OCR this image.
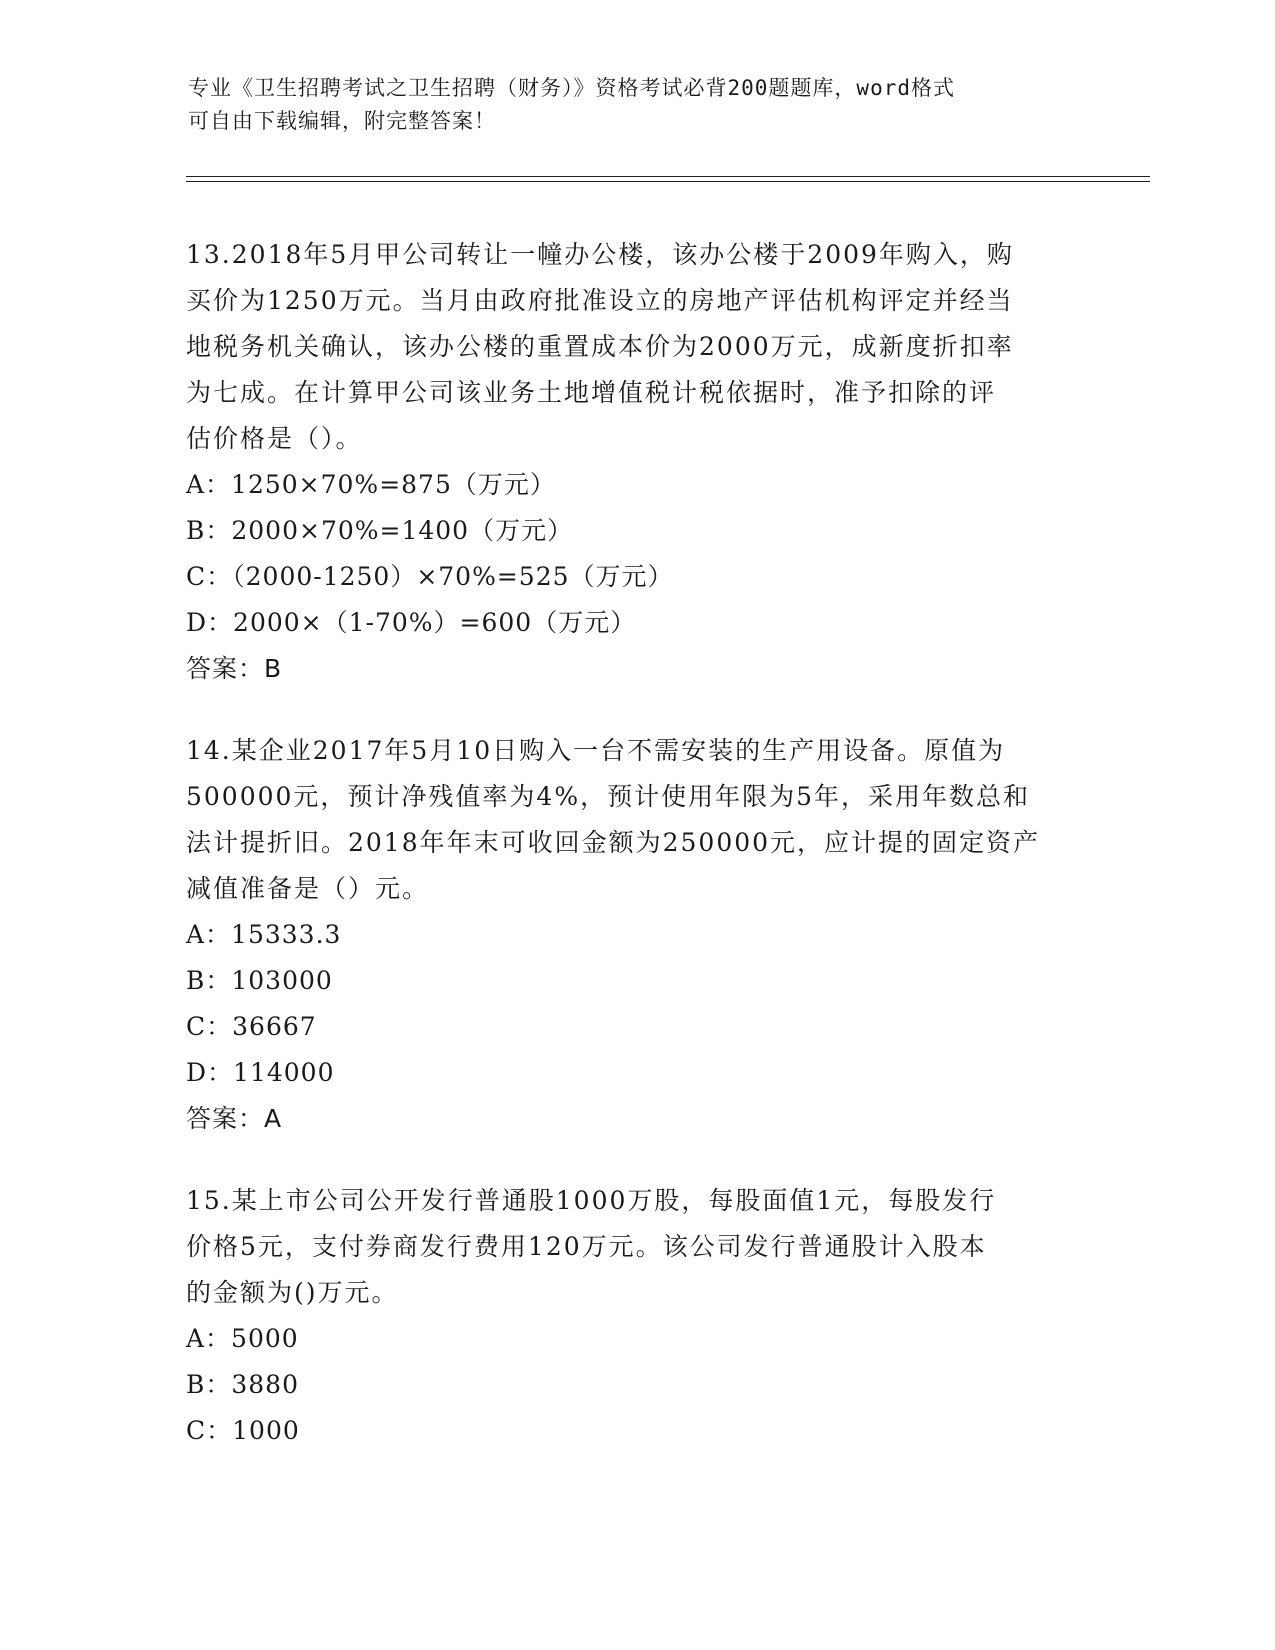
专业《卫生招聘考试之卫生招聘（财务）》资格考试必背200题题库，word格式
可自由下载编辑，附完整答案！

13.2018年5月甲公司转让一幢办公楼，该办公楼于2009年购入，购

买价为1250万元。当月由政府批准设立的房地产评估机构评定并经当

地税务机关确认，该办公楼的重置成本价为2000万元，成新度折扣率

为七成。在计算甲公司该业务土地增值税计税依据时，准予扣除的评

估价格是（）。

A：1250×70%=875（万元）

B：2000×70%=1400（万元）

C：（2000-1250）×70%=525（万元）

D：2000×（1-70%）=600（万元）

答案：B

14.某企业2017年5月10日购入一台不需安装的生产用设备。原值为

500000元，预计净残值率为4%，预计使用年限为5年，采用年数总和

法计提折旧。2018年年末可收回金额为250000元，应计提的固定资产

减值准备是（）元。

A：15333.3

B：103000

C：36667

D：114000

答案：A

15.某上市公司公开发行普通股1000万股，每股面值1元，每股发行

价格5元，支付券商发行费用120万元。该公司发行普通股计入股本

的金额为()万元。

A：5000

B：3880

C：1000
